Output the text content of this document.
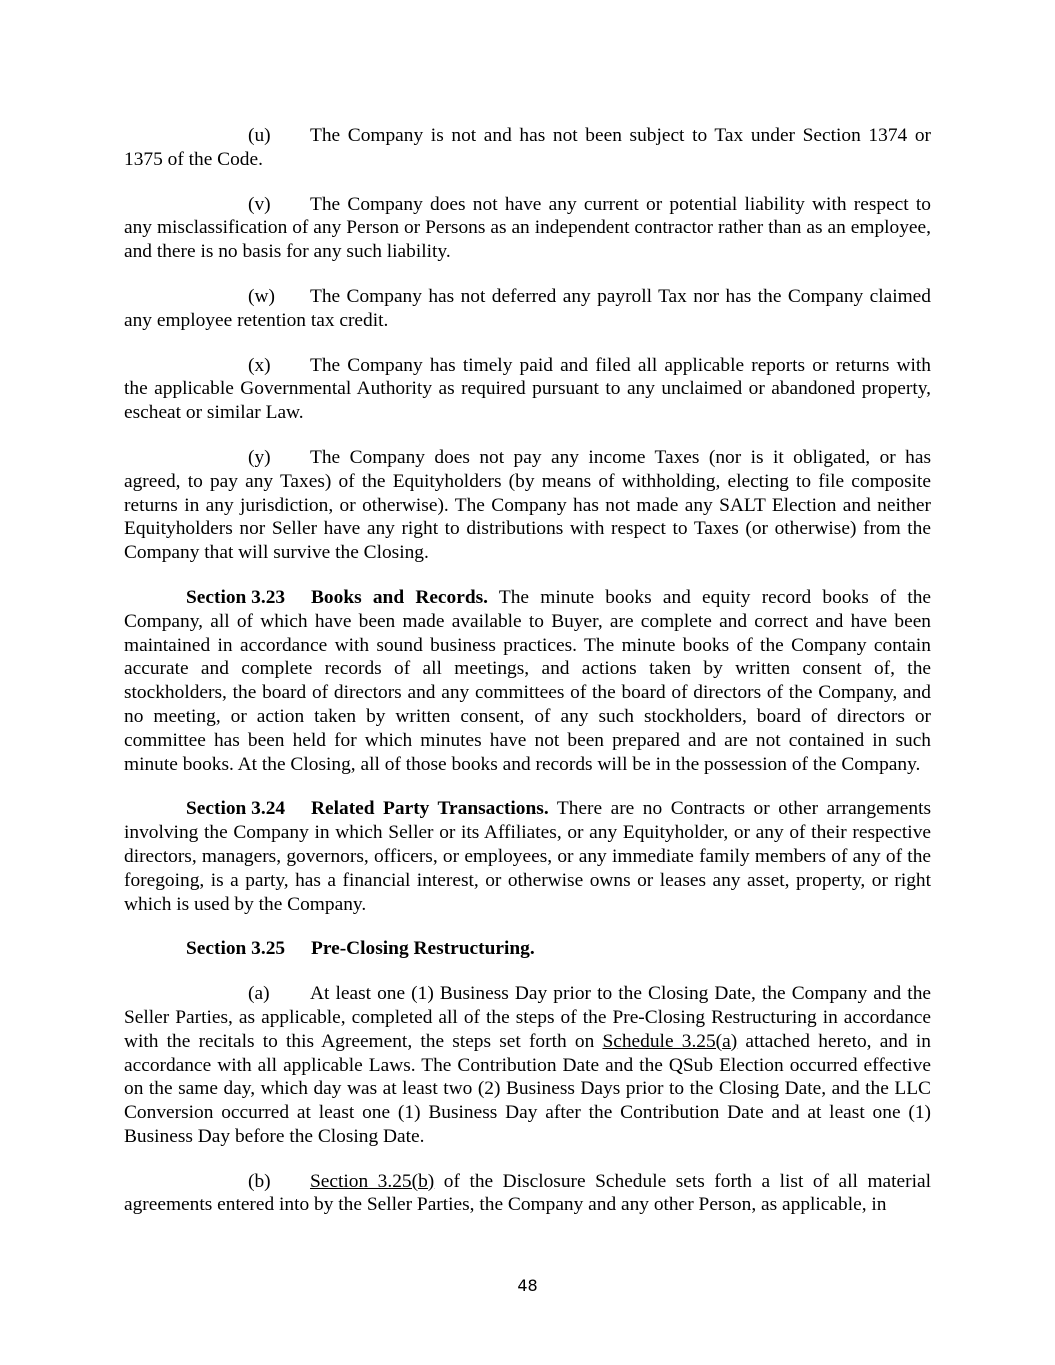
(u) The Company is not and has not been subject to Tax under Section 1374 or 1375 of the Code.

(v) The Company does not have any current or potential liability with respect to any misclassification of any Person or Persons as an independent contractor rather than as an employee, and there is no basis for any such liability.

(w) The Company has not deferred any payroll Tax nor has the Company claimed any employee retention tax credit.

(x) The Company has timely paid and filed all applicable reports or returns with the applicable Governmental Authority as required pursuant to any unclaimed or abandoned property, escheat or similar Law.

(y) The Company does not pay any income Taxes (nor is it obligated, or has agreed, to pay any Taxes) of the Equityholders (by means of withholding, electing to file composite returns in any jurisdiction, or otherwise). The Company has not made any SALT Election and neither Equityholders nor Seller have any right to distributions with respect to Taxes (or otherwise) from the Company that will survive the Closing.

Section 3.23 Books and Records. The minute books and equity record books of the Company, all of which have been made available to Buyer, are complete and correct and have been maintained in accordance with sound business practices. The minute books of the Company contain accurate and complete records of all meetings, and actions taken by written consent of, the stockholders, the board of directors and any committees of the board of directors of the Company, and no meeting, or action taken by written consent, of any such stockholders, board of directors or committee has been held for which minutes have not been prepared and are not contained in such minute books. At the Closing, all of those books and records will be in the possession of the Company.

Section 3.24 Related Party Transactions. There are no Contracts or other arrangements involving the Company in which Seller or its Affiliates, or any Equityholder, or any of their respective directors, managers, governors, officers, or employees, or any immediate family members of any of the foregoing, is a party, has a financial interest, or otherwise owns or leases any asset, property, or right which is used by the Company.

Section 3.25 Pre-Closing Restructuring.

(a) At least one (1) Business Day prior to the Closing Date, the Company and the Seller Parties, as applicable, completed all of the steps of the Pre-Closing Restructuring in accordance with the recitals to this Agreement, the steps set forth on Schedule 3.25(a) attached hereto, and in accordance with all applicable Laws. The Contribution Date and the QSub Election occurred effective on the same day, which day was at least two (2) Business Days prior to the Closing Date, and the LLC Conversion occurred at least one (1) Business Day after the Contribution Date and at least one (1) Business Day before the Closing Date.

(b) Section 3.25(b) of the Disclosure Schedule sets forth a list of all material agreements entered into by the Seller Parties, the Company and any other Person, as applicable, in

48
